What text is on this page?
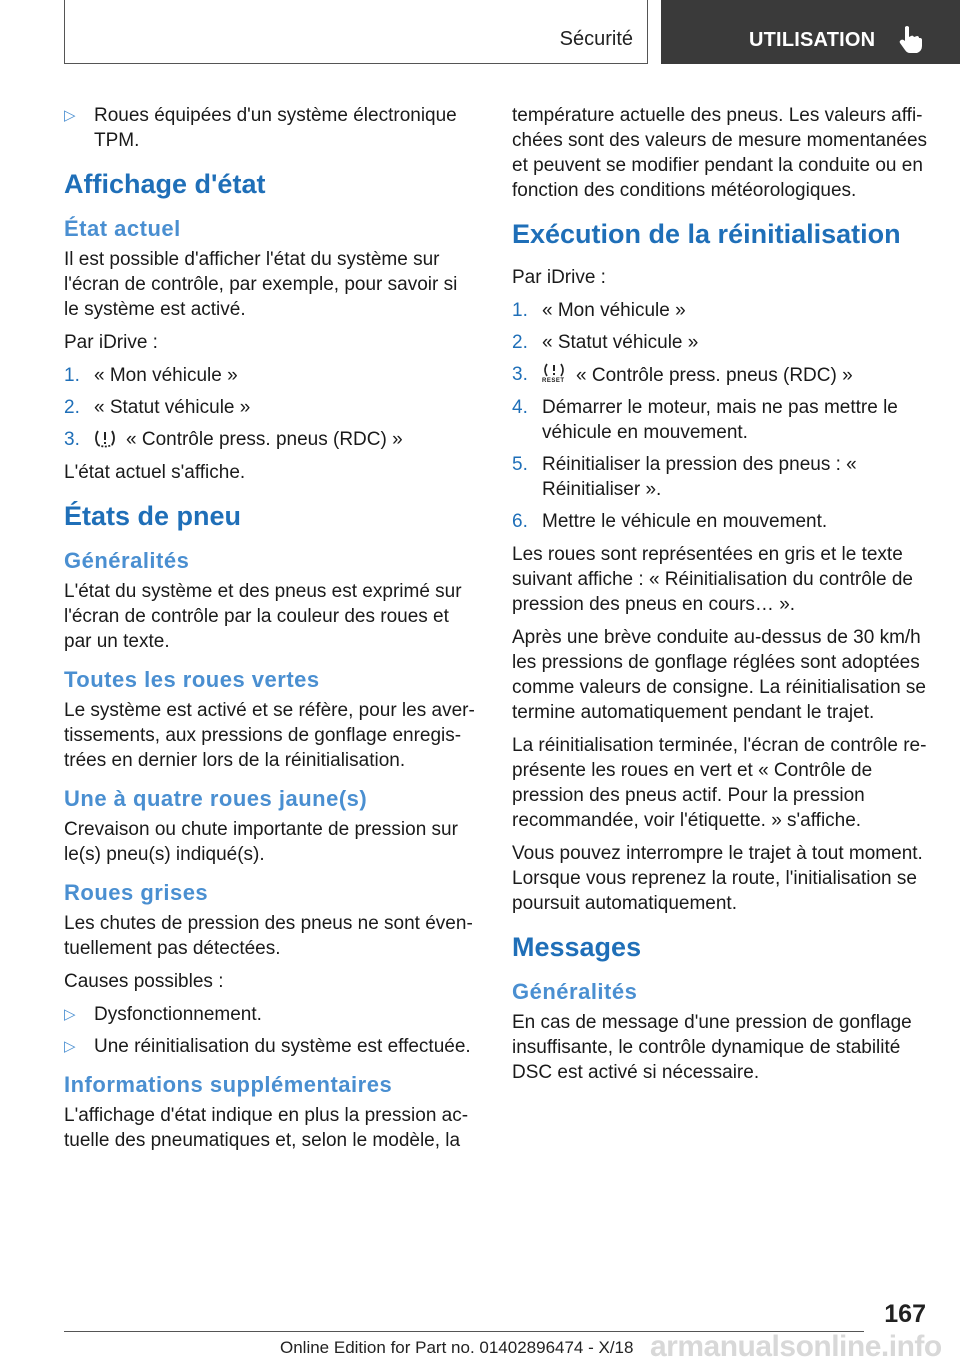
Sécurité	UTILISATION
▷ Roues équipées d'un système électronique TPM.
Affichage d'état
État actuel

Il est possible d'afficher l'état du système sur l'écran de contrôle, par exemple, pour savoir si le système est activé.

Par iDrive :

1. « Mon véhicule »
2. « Statut véhicule »
3. « Contrôle press. pneus (RDC) »

L'état actuel s'affiche.

États de pneu
Généralités

L'état du système et des pneus est exprimé sur l'écran de contrôle par la couleur des roues et par un texte.

Toutes les roues vertes

Le système est activé et se réfère, pour les avertissements, aux pressions de gonflage enregistrées en dernier lors de la réinitialisation.

Une à quatre roues jaune(s)

Crevaison ou chute importante de pression sur le(s) pneu(s) indiqué(s).

Roues grises

Les chutes de pression des pneus ne sont éventuellement pas détectées.

Causes possibles :

▷ Dysfonctionnement.
▷ Une réinitialisation du système est effectuée.
Informations supplémentaires

L'affichage d'état indique en plus la pression actuelle des pneumatiques et, selon le modèle, la

température actuelle des pneus. Les valeurs affichées sont des valeurs de mesure momentanées et peuvent se modifier pendant la conduite ou en fonction des conditions météorologiques.

Exécution de la réinitialisation

Par iDrive :

1. « Mon véhicule »
2. « Statut véhicule »
3. RESET « Contrôle press. pneus (RDC) »
4. Démarrer le moteur, mais ne pas mettre le véhicule en mouvement.
5. Réinitialiser la pression des pneus : « Réinitialiser ».
6. Mettre le véhicule en mouvement.

Les roues sont représentées en gris et le texte suivant affiche : « Réinitialisation du contrôle de pression des pneus en cours… ».

Après une brève conduite au-dessus de 30 km/h les pressions de gonflage réglées sont adoptées comme valeurs de consigne. La réinitialisation se termine automatiquement pendant le trajet.

La réinitialisation terminée, l'écran de contrôle représente les roues en vert et « Contrôle de pression des pneus actif. Pour la pression recommandée, voir l'étiquette. » s'affiche.

Vous pouvez interrompre le trajet à tout moment. Lorsque vous reprenez la route, l'initialisation se poursuit automatiquement.

Messages
Généralités

En cas de message d'une pression de gonflage insuffisante, le contrôle dynamique de stabilité DSC est activé si nécessaire.

167
armanualsonline.info
Online Edition for Part no. 01402896474 - X/18
